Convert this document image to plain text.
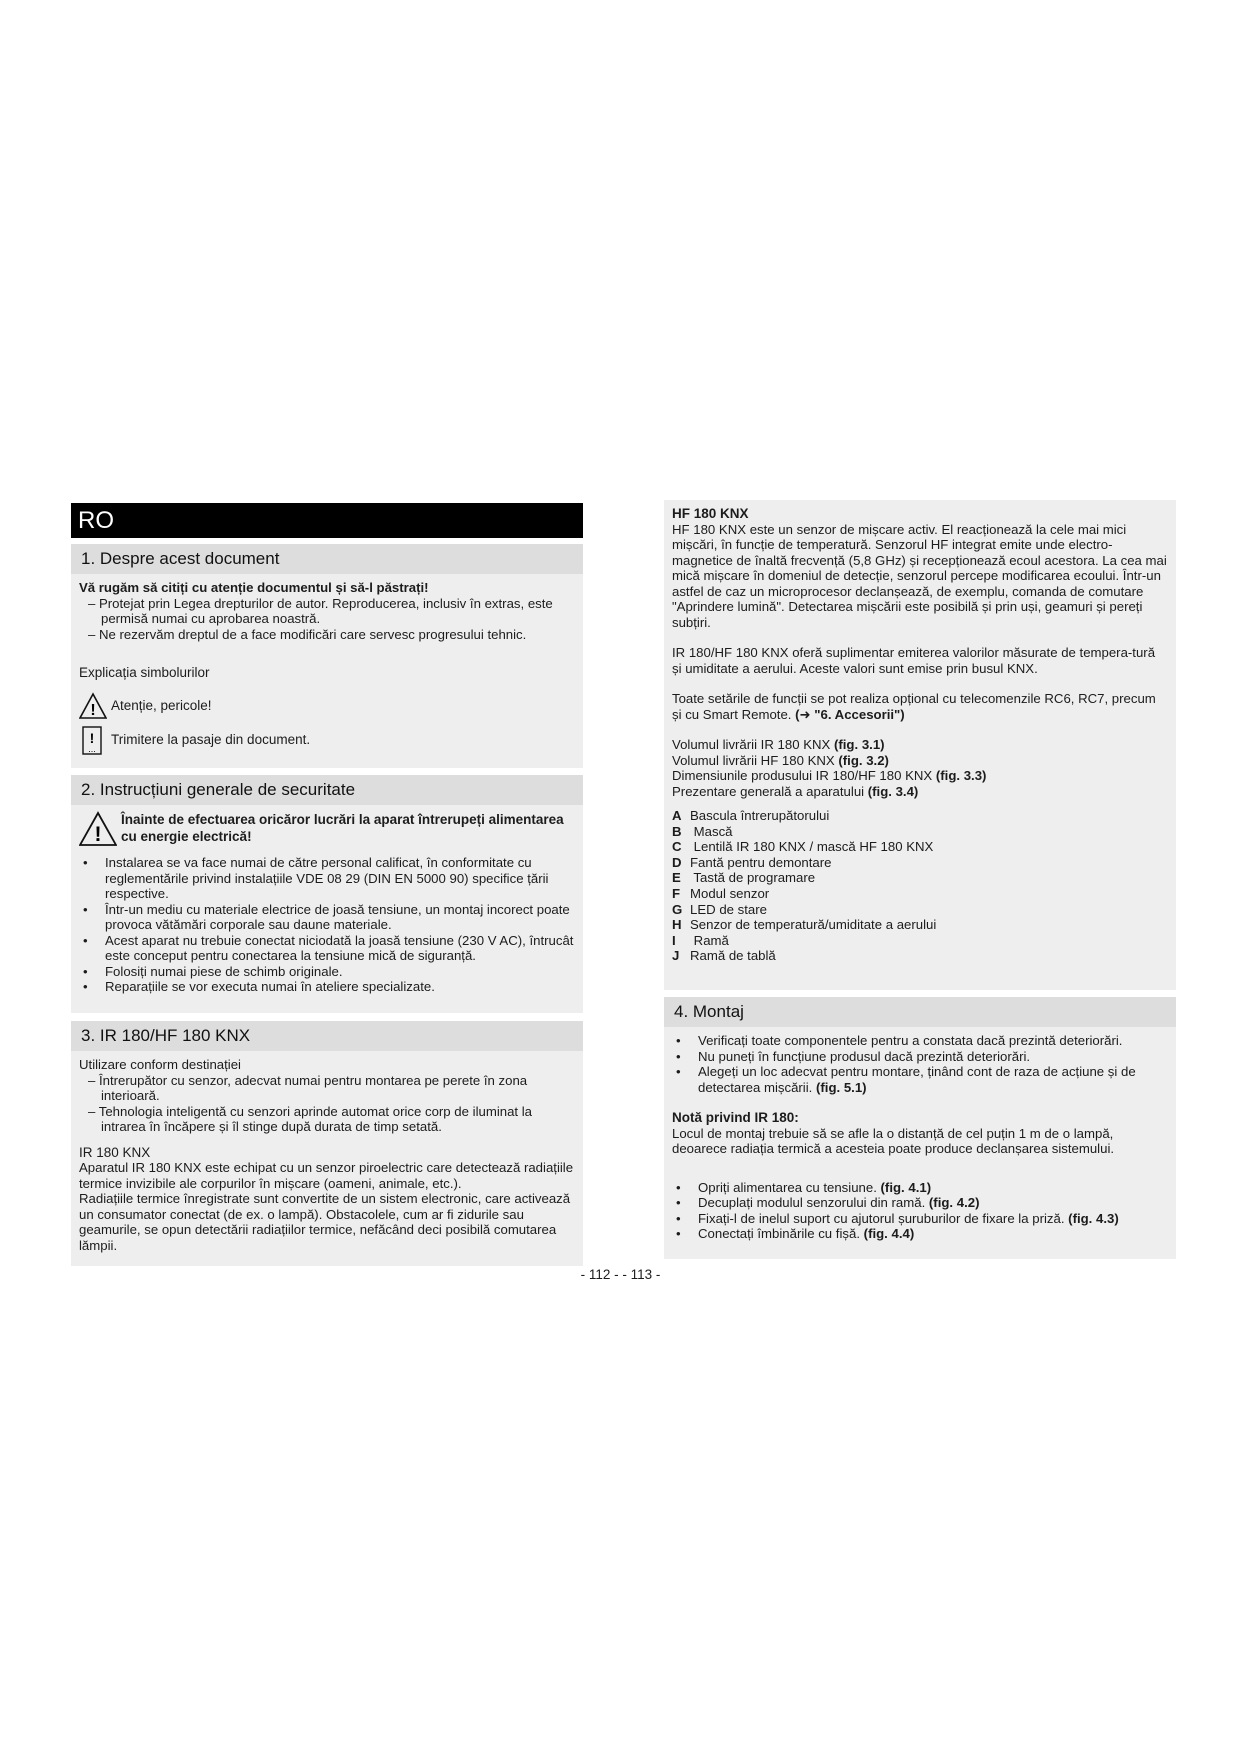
RO
1. Despre acest document

Vă rugăm să citiți cu atenție documentul și să-l păstrați!

– Protejat prin Legea drepturilor de autor. Reproducerea, inclusiv în extras, este permisă numai cu aprobarea noastră.

– Ne rezervăm dreptul de a face modificări care servesc progresului tehnic.

Explicația simbolurilor

! Atenție, pericole!
!
...
Trimitere la pasaje din document.
2. Instrucțiuni generale de securitate
!

Înainte de efectuarea oricăror lucrări la aparat întrerupeți alimentarea cu energie electrică!

• Instalarea se va face numai de către personal calificat, în conformitate cu reglementările privind instalațiile VDE 08 29 (DIN EN 5000 90) specifice țării respective.
• Într-un mediu cu materiale electrice de joasă tensiune, un montaj incorect poate provoca vătămări corporale sau daune materiale.
• Acest aparat nu trebuie conectat niciodată la joasă tensiune (230 V AC), întrucât este conceput pentru conectarea la tensiune mică de siguranță.
• Folosiți numai piese de schimb originale.
• Reparațiile se vor executa numai în ateliere specializate.
3. IR 180/HF 180 KNX

Utilizare conform destinației

– Întrerupător cu senzor, adecvat numai pentru montarea pe perete în zona interioară.

– Tehnologia inteligentă cu senzori aprinde automat orice corp de iluminat la intrarea în încăpere și îl stinge după durata de timp setată.

IR 180 KNX

Aparatul IR 180 KNX este echipat cu un senzor piroelectric care detectează radiațiile termice invizibile ale corpurilor în mișcare (oameni, animale, etc.).

Radiațiile termice înregistrate sunt convertite de un sistem electronic, care activează un consumator conectat (de ex. o lampă). Obstacolele, cum ar fi zidurile sau geamurile, se opun detectării radiațiilor termice, nefăcând deci posibilă comutarea lămpii.

HF 180 KNX

HF 180 KNX este un senzor de mișcare activ. El reacționează la cele mai mici mișcări, în funcție de temperatură. Senzorul HF integrat emite unde electro-magnetice de înaltă frecvență (5,8 GHz) și recepționează ecoul acestora. La cea mai mică mișcare în domeniul de detecție, senzorul percepe modificarea ecoului. Într-un astfel de caz un microprocesor declanșează, de exemplu, comanda de comutare "Aprindere lumină". Detectarea mișcării este posibilă și prin uși, geamuri și pereți subțiri.

IR 180/HF 180 KNX oferă suplimentar emiterea valorilor măsurate de tempera-tură și umiditate a aerului. Aceste valori sunt emise prin busul KNX.

Toate setările de funcții se pot realiza opțional cu telecomenzile RC6, RC7, precum și cu Smart Remote. (➜ "6. Accesorii")

Volumul livrării IR 180 KNX (fig. 3.1)

Volumul livrării HF 180 KNX (fig. 3.2)

Dimensiunile produsului IR 180/HF 180 KNX (fig. 3.3)

Prezentare generală a aparatului (fig. 3.4)

A Bascula întrerupătorului
B Mască
C Lentilă IR 180 KNX / mască HF 180 KNX
D Fantă pentru demontare
E Tastă de programare
F Modul senzor
G LED de stare
H Senzor de temperatură/umiditate a aerului
I Ramă
J Ramă de tablă
4. Montaj
• Verificați toate componentele pentru a constata dacă prezintă deteriorări.
• Nu puneți în funcțiune produsul dacă prezintă deteriorări.
• Alegeți un loc adecvat pentru montare, ținând cont de raza de acțiune și de detectarea mișcării. (fig. 5.1)

Notă privind IR 180:

Locul de montaj trebuie să se afle la o distanță de cel puțin 1 m de o lampă, deoarece radiația termică a acesteia poate produce declanșarea sistemului.

• Opriți alimentarea cu tensiune. (fig. 4.1)
• Decuplați modulul senzorului din ramă. (fig. 4.2)
• Fixați-l de inelul suport cu ajutorul șuruburilor de fixare la priză. (fig. 4.3)
• Conectați îmbinările cu fișă. (fig. 4.4)
- 112 - - 113 -
